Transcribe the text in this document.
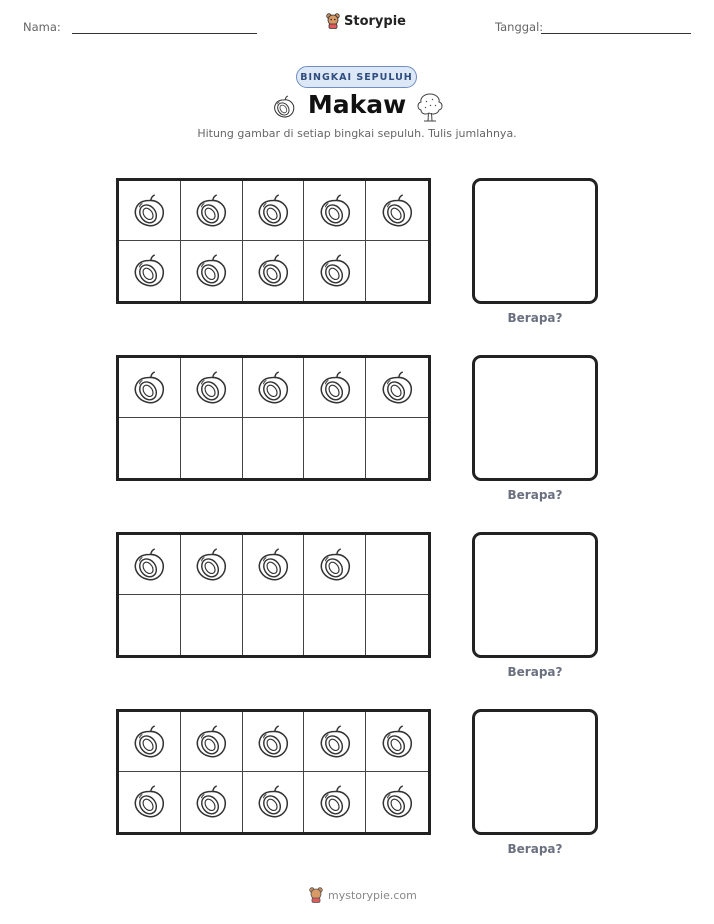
Nama:	Storypie	Tanggal:
BINGKAI SEPULUH
Makaw
Hitung gambar di setiap bingkai sepuluh. Tulis jumlahnya.
Berapa?
Berapa?
Berapa?
Berapa?
mystorypie.com
